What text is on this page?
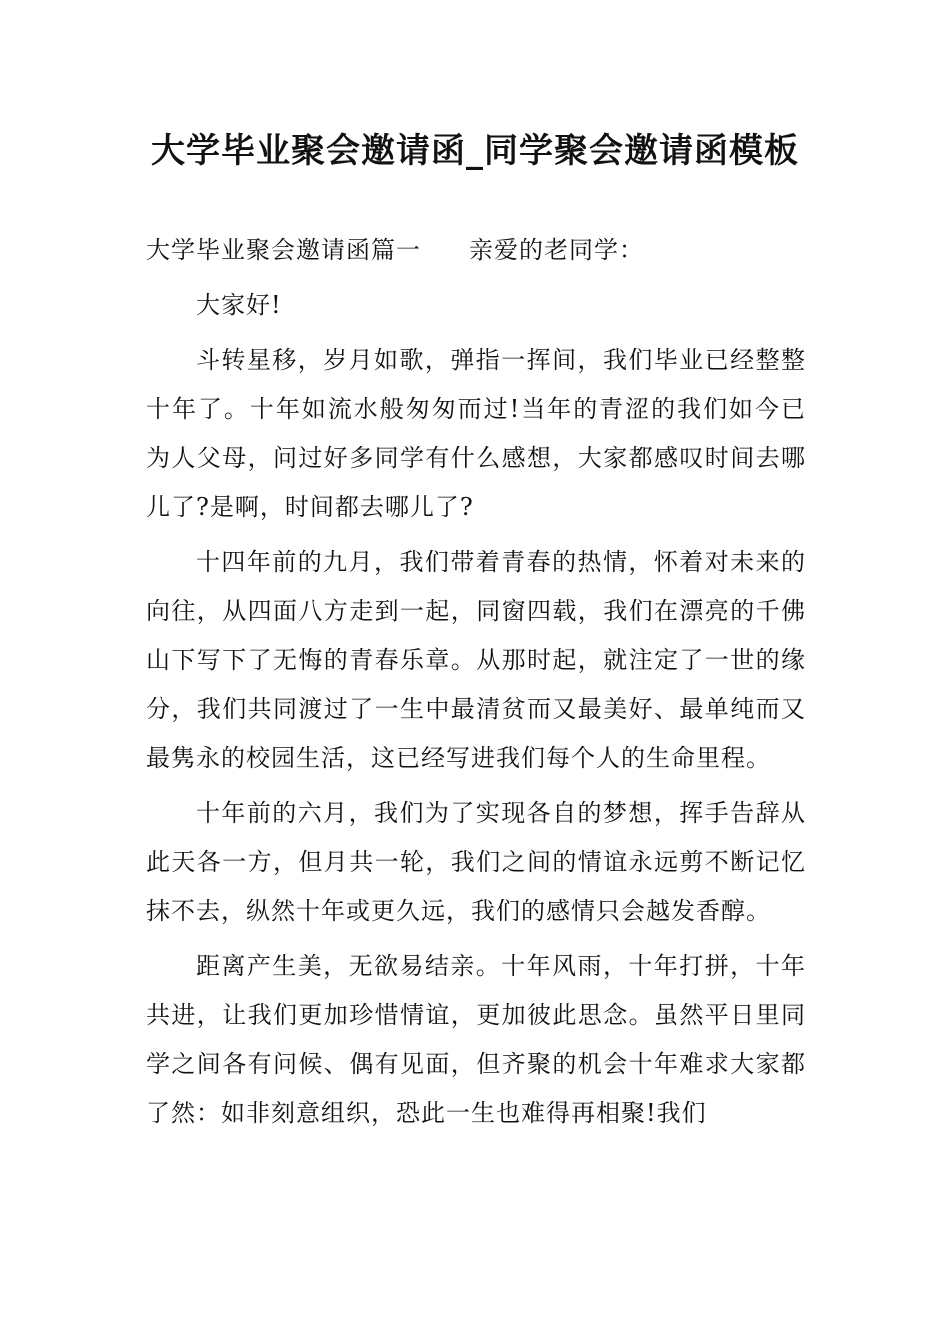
大学毕业聚会邀请函_同学聚会邀请函模板

大学毕业聚会邀请函篇一 亲爱的老同学：

大家好!

斗转星移，岁月如歌，弹指一挥间，我们毕业已经整整十年了。十年如流水般匆匆而过!当年的青涩的我们如今已为人父母，问过好多同学有什么感想，大家都感叹时间去哪儿了?是啊，时间都去哪儿了?

十四年前的九月，我们带着青春的热情，怀着对未来的向往，从四面八方走到一起，同窗四载，我们在漂亮的千佛山下写下了无悔的青春乐章。从那时起，就注定了一世的缘分，我们共同渡过了一生中最清贫而又最美好、最单纯而又最隽永的校园生活，这已经写进我们每个人的生命里程。

十年前的六月，我们为了实现各自的梦想，挥手告辞从此天各一方，但月共一轮，我们之间的情谊永远剪不断记忆抹不去，纵然十年或更久远，我们的感情只会越发香醇。

距离产生美，无欲易结亲。十年风雨，十年打拼，十年共进，让我们更加珍惜情谊，更加彼此思念。虽然平日里同学之间各有问候、偶有见面，但齐聚的机会十年难求大家都了然：如非刻意组织，恐此一生也难得再相聚!我们
